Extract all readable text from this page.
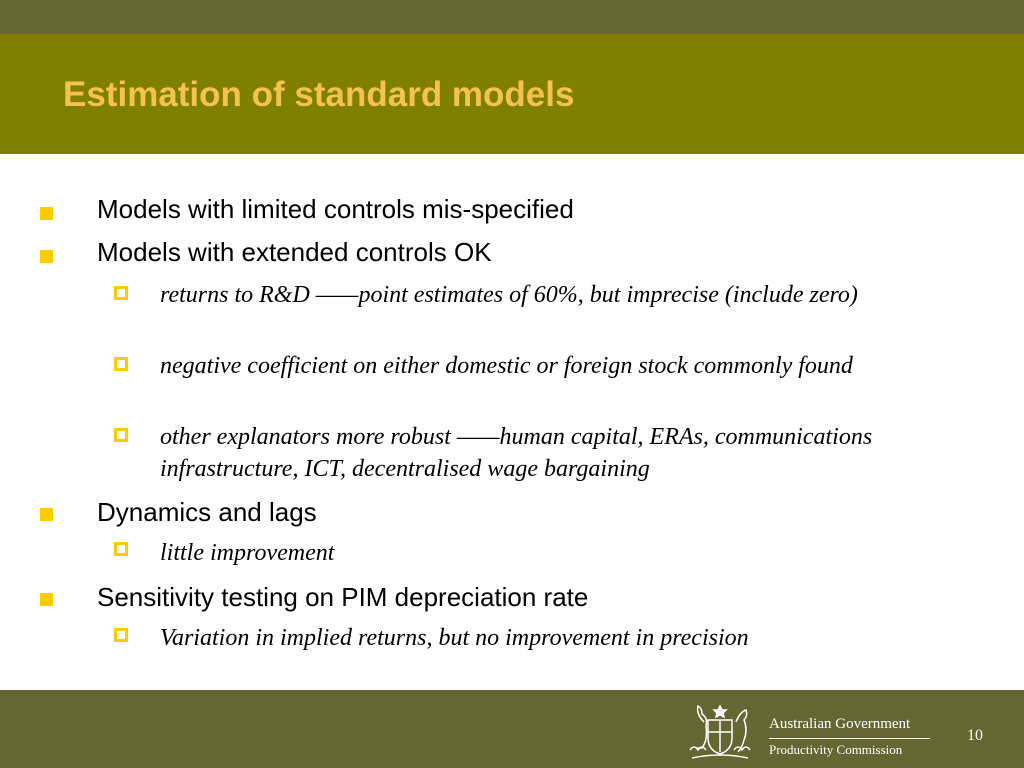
Estimation of standard models
Models with limited controls mis-specified
Models with extended controls OK
returns to R&D ——point estimates of 60%, but imprecise (include zero)
negative coefficient on either domestic or foreign stock commonly found
other explanators more robust ——human capital, ERAs, communications infrastructure, ICT, decentralised wage bargaining
Dynamics and lags
little improvement
Sensitivity testing on PIM depreciation rate
Variation in implied returns, but no improvement in precision
Australian Government
Productivity Commission
10
